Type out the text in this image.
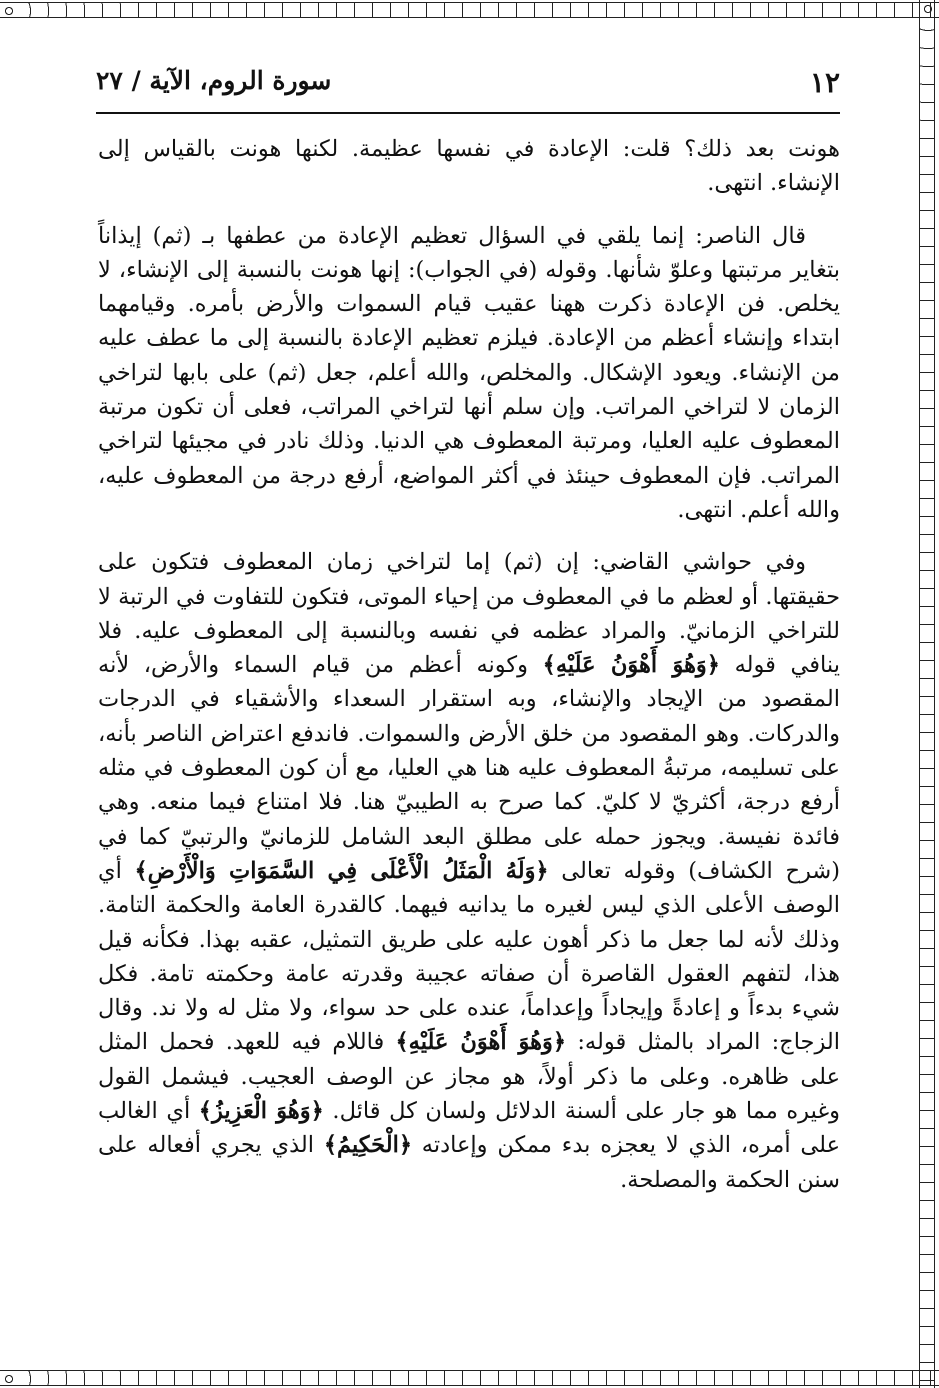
١٢
سورة الروم، الآية / ٢٧

هونت بعد ذلك؟ قلت: الإعادة في نفسها عظيمة. لكنها هونت بالقياس إلى الإنشاء. انتهى.

قال الناصر: إنما يلقي في السؤال تعظيم الإعادة من عطفها بـ (ثم) إيذاناً بتغاير مرتبتها وعلوّ شأنها. وقوله (في الجواب): إنها هونت بالنسبة إلى الإنشاء، لا يخلص. فن الإعادة ذكرت ههنا عقيب قيام السموات والأرض بأمره. وقيامهما ابتداء وإنشاء أعظم من الإعادة. فيلزم تعظيم الإعادة بالنسبة إلى ما عطف عليه من الإنشاء. ويعود الإشكال. والمخلص، والله أعلم، جعل (ثم) على بابها لتراخي الزمان لا لتراخي المراتب. وإن سلم أنها لتراخي المراتب، فعلى أن تكون مرتبة المعطوف عليه العليا، ومرتبة المعطوف هي الدنيا. وذلك نادر في مجيئها لتراخي المراتب. فإن المعطوف حينئذ في أكثر المواضع، أرفع درجة من المعطوف عليه، والله أعلم. انتهى.

وفي حواشي القاضي: إن (ثم) إما لتراخي زمان المعطوف فتكون على حقيقتها. أو لعظم ما في المعطوف من إحياء الموتى، فتكون للتفاوت في الرتبة لا للتراخي الزمانيّ. والمراد عظمه في نفسه وبالنسبة إلى المعطوف عليه. فلا ينافي قوله ﴿وَهُوَ أَهْوَنُ عَلَيْهِ﴾ وكونه أعظم من قيام السماء والأرض، لأنه المقصود من الإيجاد والإنشاء، وبه استقرار السعداء والأشقياء في الدرجات والدركات. وهو المقصود من خلق الأرض والسموات. فاندفع اعتراض الناصر بأنه، على تسليمه، مرتبةُ المعطوف عليه هنا هي العليا، مع أن كون المعطوف في مثله أرفع درجة، أكثريّ لا كليّ. كما صرح به الطيبيّ هنا. فلا امتناع فيما منعه. وهي فائدة نفيسة. ويجوز حمله على مطلق البعد الشامل للزمانيّ والرتبيّ كما في (شرح الكشاف) وقوله تعالى ﴿وَلَهُ الْمَثَلُ الْأَعْلَى فِي السَّمَوَاتِ وَالْأَرْضِ﴾ أي الوصف الأعلى الذي ليس لغيره ما يدانيه فيهما. كالقدرة العامة والحكمة التامة. وذلك لأنه لما جعل ما ذكر أهون عليه على طريق التمثيل، عقبه بهذا. فكأنه قيل هذا، لتفهم العقول القاصرة أن صفاته عجيبة وقدرته عامة وحكمته تامة. فكل شيء بدءاً و إعادةً وإيجاداً وإعداماً، عنده على حد سواء، ولا مثل له ولا ند. وقال الزجاج: المراد بالمثل قوله: ﴿وَهُوَ أَهْوَنُ عَلَيْهِ﴾ فاللام فيه للعهد. فحمل المثل على ظاهره. وعلى ما ذكر أولاً، هو مجاز عن الوصف العجيب. فيشمل القول وغيره مما هو جار على ألسنة الدلائل ولسان كل قائل. ﴿وَهُوَ الْعَزِيزُ﴾ أي الغالب على أمره، الذي لا يعجزه بدء ممكن وإعادته ﴿الْحَكِيمُ﴾ الذي يجري أفعاله على سنن الحكمة والمصلحة.
